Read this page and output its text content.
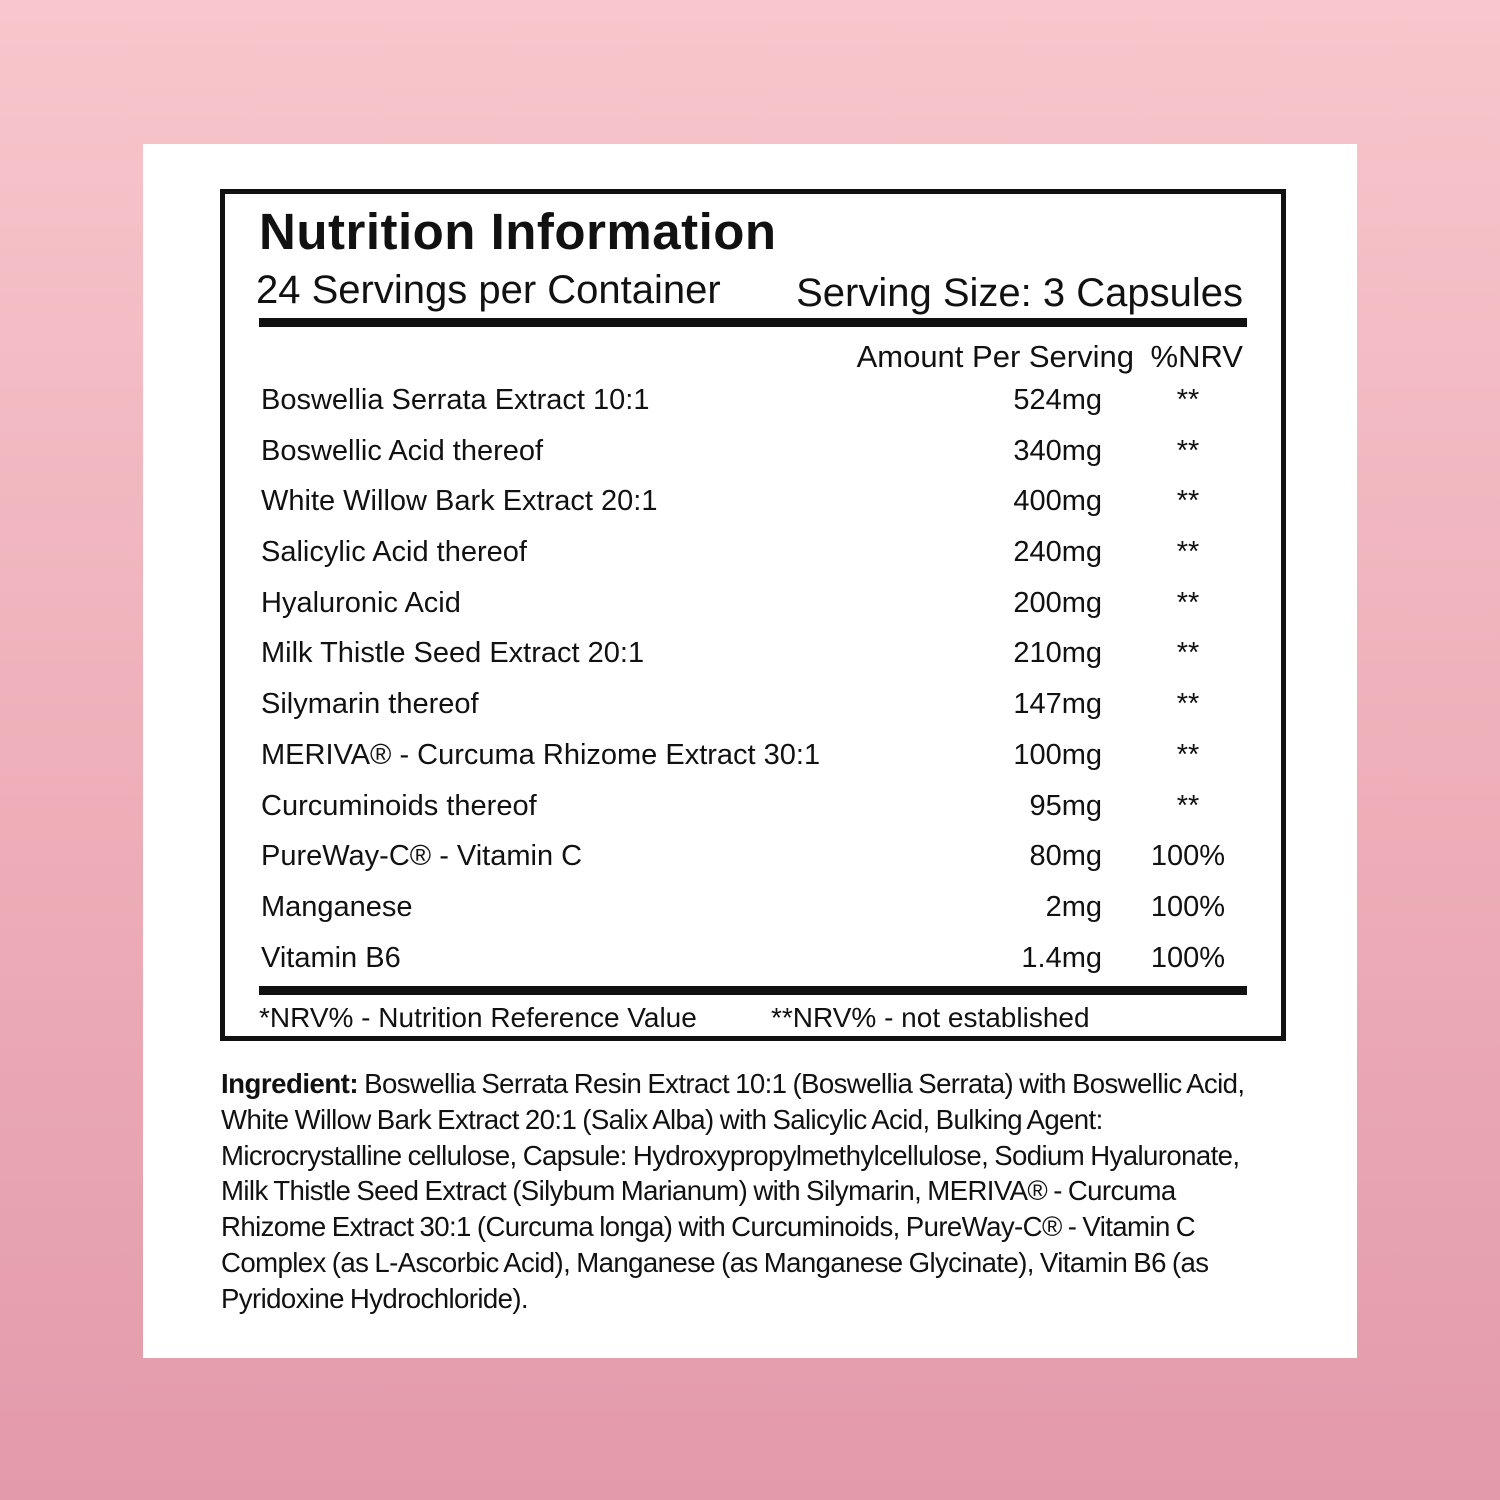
Nutrition Information
24 Servings per Container Serving Size: 3 Capsules
Amount Per Serving %NRV
Boswellia Serrata Extract 10:1	524mg	**
Boswellic Acid thereof	340mg	**
White Willow Bark Extract 20:1	400mg	**
Salicylic Acid thereof	240mg	**
Hyaluronic Acid	200mg	**
Milk Thistle Seed Extract 20:1	210mg	**
Silymarin thereof	147mg	**
MERIVA® - Curcuma Rhizome Extract 30:1	100mg	**
Curcuminoids thereof	95mg	**
PureWay-C® - Vitamin C	80mg 100%
Manganese	2mg 100%
Vitamin B6	1.4mg 100%
*NRV% - Nutrition Reference Value	**NRV% - not established
Ingredient: Boswellia Serrata Resin Extract 10:1 (Boswellia Serrata) with Boswellic Acid, White Willow Bark Extract 20:1 (Salix Alba) with Salicylic Acid, Bulking Agent: Microcrystalline cellulose, Capsule: Hydroxypropylmethylcellulose, Sodium Hyaluronate, Milk Thistle Seed Extract (Silybum Marianum) with Silymarin, MERIVA® - Curcuma Rhizome Extract 30:1 (Curcuma longa) with Curcuminoids, PureWay-C® - Vitamin C Complex (as L-Ascorbic Acid), Manganese (as Manganese Glycinate), Vitamin B6 (as Pyridoxine Hydrochloride).
